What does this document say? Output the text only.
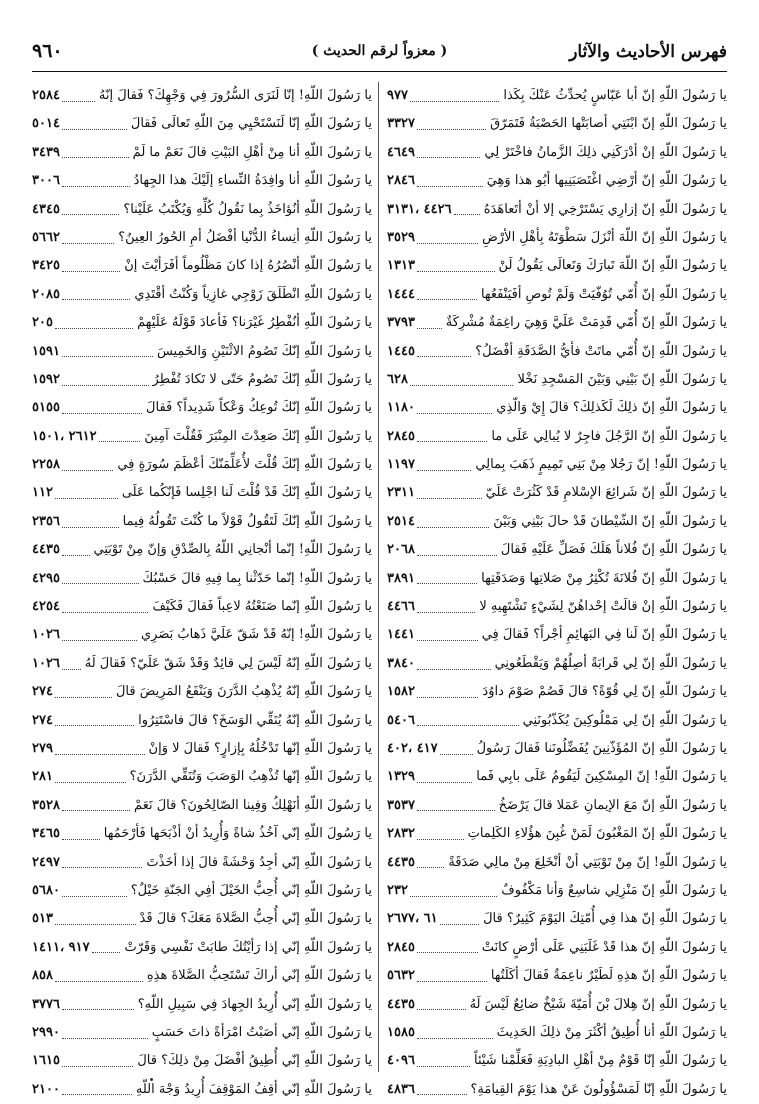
فهرس الأحاديث والآثار
( معزواً لرقم الحديث )
٩٦٠
يا رَسُولَ اللّهِ إنّ أبا عَبّاسٍ يُحدِّثُ عَنْكَ بِكَذا
٩٧٧
يا رَسُولَ اللّهِ إنّ ابْنَتِي أصابَتْها الحَصْبَةُ فَتَمَرّقَ
٣٣٢٧
يا رَسُولَ اللّهِ إنْ أدْرَكَنِي ذلِكَ الزَّمانُ فاخْتَرْ لِي
٤٦٤٩
يا رَسُولَ اللّهِ إنّ أرْضِي اغْتَصَبَنِيها أبُو هذا وَهِيَ
٢٨٤٦
يا رَسُولَ اللّهِ إنّ إزارِي يَسْتَرْخِي إلا أنْ أتَعاهَدَهُ
٤٤٢٦ ،٣١٣١
يا رَسُولَ اللّهِ إنّ اللّهَ أنْزَلَ سَطْوَتَهُ بِأهْلِ الأرْضِ
٣٥٢٩
يا رَسُولَ اللّهِ إنّ اللّهَ تَبارَكَ وَتَعالَى يَقُولُ لَنْ
١٣١٣
يا رَسُولَ اللّهِ إنّ أُمّي تُوُفّيَتْ وَلَمْ تُوصِ أفَيَنْفَعُها
١٤٤٤
يا رَسُولَ اللّهِ إنّ أُمّي قَدِمَتْ عَلَيَّ وَهِيَ راغِمَةٌ مُشْرِكَةٌ
٣٧٩٣
يا رَسُولَ اللّهِ إنّ أُمّي ماتَتْ فأيُّ الصَّدَقَةِ أفْضَلُ؟
١٤٤٥
يا رَسُولَ اللّهِ إنّ بَيْنِي وَبَيْنَ المَسْجِدِ نَخْلا
٦٢٨
يا رَسُولَ اللّهِ إنّ ذلِكَ لَكَذلِكَ؟ قالَ إِيْ وَالّذِي
١١٨٠
يا رَسُولَ اللّهِ إنّ الرَّجُلَ فاجِرٌ لا يُبالِي عَلَى ما
٢٨٤٥
يا رَسُولَ اللّهِ! إنّ رَجُلا مِنْ بَنِي تَمِيمٍ ذَهَبَ بِمالِي
١١٩٧
يا رَسُولَ اللّهِ إنّ شَرائِعَ الإسْلامِ قَدْ كَثُرَتْ عَلَيّ
٢٣١١
يا رَسُولَ اللّهِ إنّ الشّيْطانَ قَدْ حالَ بَيْنِي وَبَيْنَ
٢٥١٤
يا رَسُولَ اللّهِ إنّ فُلاناً هَلَكَ فَصَلِّ عَلَيْهِ فَقالَ
٢٠٦٨
يا رَسُولَ اللّهِ إنّ فُلانَةَ تُكْثِرُ مِنْ صَلاتِها وَصَدَقَتِها
٣٨٩١
يا رَسُولَ اللّهِ إنْ قالَتْ إحْداهُنّ لِشَيْءٍ تَشْتَهِيهِ لا
٤٤٦٦
يا رَسُولَ اللّهِ إنّ لَنا فِي البَهائِمِ أجْراً؟ فَقالَ فِي
١٤٤١
يا رَسُولَ اللّهِ إنّ لِي قَرابَةً أصِلُهُمْ وَيَقْطَعُونِي
٣٨٤٠
يا رَسُولَ اللّهِ إنّ لِي قُوّةً؟ قالَ فَصُمْ صَوْمَ داوُدَ
١٥٨٢
يا رَسُولَ اللّهِ إنّ لِي مَمْلُوكِينَ يُكَذّبُونَنِي
٥٤٠٦
يا رَسُولَ اللّهِ إنّ المُؤَذّنِينَ يُفَضِّلُونَنا فَقالَ رَسُولُ
٤١٧ ،٤٠٢
يا رَسُولَ اللّهِ! إنّ المِسْكِينَ لَيَقُومُ عَلَى بابِي فَما
١٣٢٩
يا رَسُولَ اللّهِ إنّ مَعَ الإيمانِ عَمَلا قالَ يَرْضَخُ
٣٥٣٧
يا رَسُولَ اللّهِ إنّ المَغْبُونَ لَمَنْ غُبِنَ هؤُلاءِ الكَلِماتِ
٢٨٣٢
يا رَسُولَ اللّهِ! إنّ مِنْ تَوْبَتِي أنْ أنْخَلِعَ مِنْ مالِي صَدَقَةً
٤٤٣٥
يا رَسُولَ اللّهِ إنّ مَنْزِلِي شاسِعٌ وَأنا مَكْفُوفٌ
٢٣٢
يا رَسُولَ اللّهِ إنّ هذا فِي أُمّتِكَ اليَوْمَ كَثِيرٌ؟ قالَ
٦١ ،٢٦٧٧
يا رَسُولَ اللّهِ إنّ هذا قَدْ غَلَبَنِي عَلَى أرْضٍ كانَتْ
٢٨٤٥
يا رَسُولَ اللّهِ إنّ هذِهِ لَطَيْرٌ ناعِمَةٌ فَقالَ أكَلَتُها
٥٦٣٢
يا رَسُولَ اللّهِ إنّ هِلالَ بْنَ أُمَيّةَ شَيْخٌ ضائِعٌ لَيْسَ لَهُ
٤٤٣٥
يا رَسُولَ اللّهِ أنا أُطِيقُ أكْثَرَ مِنْ ذلِكَ الحَدِيثَ
١٥٨٥
يا رَسُولَ اللّهِ إنّا قَوْمٌ مِنْ أهْلِ البادِيَةِ فَعَلِّمْنا شَيْئاً
٤٠٩٦
يا رَسُولَ اللّهِ إنّا لَمَسْؤُولُونَ عَنْ هذا يَوْمَ القِيامَةِ؟
٤٨٣٦
يا رَسُولَ اللّهِ! إنّا لَنَرَى السُّرُورَ فِي وَجْهِكَ؟ فَقالَ إنّهُ
٢٥٨٤
يا رَسُولَ اللّهِ إنّا لَنَسْتَحْيِي مِنَ اللّهِ تَعالَى فَقالَ
٥٠١٤
يا رَسُولَ اللّهِ أنا مِنْ أهْلِ البَيْتِ قالَ نَعَمْ ما لَمْ
٣٤٣٩
يا رَسُولَ اللّهِ أنا وافِدَةُ النِّساءِ إلَيْكَ هذا الجِهادُ
٣٠٠٦
يا رَسُولَ اللّهِ أنُؤاخَذُ بِما نَقُولُ كُلِّهِ وَيُكْتَبُ عَلَيْنا؟
٤٣٤٥
يا رَسُولَ اللّهِ أنِساءُ الدُّنْيا أفْضَلُ أمِ الحُورُ العِينُ؟
٥٦٦٢
يا رَسُولَ اللّهِ أنْصُرُهُ إذا كانَ مَظْلُوماً أفَرَأيْتَ إنْ
٣٤٢٥
يا رَسُولَ اللّهِ انْطَلَقَ زَوْجِي غازِياً وَكُنْتُ أقْتَدِي
٢٠٨٥
يا رَسُولَ اللّهِ أنُفْطِرُ غَيْرَنا؟ فَأعادَ قَوْلَهُ عَلَيْهِمْ
٢٠٥
يا رَسُولَ اللّهِ إنّكَ تَصُومُ الاثْنَيْنِ وَالخَمِيسَ
١٥٩١
يا رَسُولَ اللّهِ إنّكَ تَصُومُ حَتّى لا تَكادَ تُفْطِرُ
١٥٩٢
يا رَسُولَ اللّهِ إنّكَ تُوعِكُ وَعْكاً شَدِيداً؟ فَقالَ
٥١٥٥
يا رَسُولَ اللّهِ إنّكَ صَعِدْتَ المِنْبَرَ فَقُلْتَ آمِينَ
٢٦١٢ ،١٥٠١
يا رَسُولَ اللّهِ إنّكَ قُلْتَ لأُعَلِّمَنّكَ أعْظَمَ سُورَةٍ فِي
٢٢٥٨
يا رَسُولَ اللّهِ إنّكَ قَدْ قُلْتَ لَنا اجْلِسا فَإنّكُما عَلَى
١١٢
يا رَسُولَ اللّهِ إنّكَ لَتَقُولُ قَوْلاً ما كُنْتَ تَقُولُهُ فِيما
٢٣٥٦
يا رَسُولَ اللّهِ! إنّما أنْجانِي اللّهُ بِالصِّدْقِ وَإنّ مِنْ تَوْبَتِي
٤٤٣٥
يا رَسُولَ اللّهِ! إنّما حَدّثْنا بِما فِيهِ قالَ حَسْبُكَ
٤٢٩٥
يا رَسُولَ اللّهِ إنّما صَنَعْتُهُ لاعِباً فَقالَ فَكَيْفَ
٤٢٥٤
يا رَسُولَ اللّهِ! إنّهُ قَدْ شَقّ عَلَيَّ ذَهابُ بَصَرِي
١٠٢٦
يا رَسُولَ اللّهِ إنّهُ لَيْسَ لِي قائِدٌ وَقَدْ شَقّ عَلَيّ؟ فَقالَ لَهُ
١٠٢٦
يا رَسُولَ اللّهِ إنّهُ يُذْهِبُ الدَّرَنَ وَيَنْفَعُ المَرِيضَ قالَ
٢٧٤
يا رَسُولَ اللّهِ إنّهُ يُنَقِّي الوَسَخَ؟ قالَ فاسْتَتِرُوا
٢٧٤
يا رَسُولَ اللّهِ إنّها تَدْخُلُهُ بِإزارٍ؟ فَقالَ لا وَإنْ
٢٧٩
يا رَسُولَ اللّهِ إنّها تُذْهِبُ الوَصَبَ وَتُنَقِّي الدَّرَنَ؟
٢٨١
يا رَسُولَ اللّهِ أنَهْلِكُ وَفِينا الصّالِحُونَ؟ قالَ نَعَمْ
٣٥٢٨
يا رَسُولَ اللّهِ إنّي آخُذُ شاةً وَأُرِيدُ أنْ أذْبَحَها فَأرْحَمُها
٣٤٦٥
يا رَسُولَ اللّهِ إنّي أجِدُ وَحْشَةً قالَ إذا أخَذْتَ
٢٤٩٧
يا رَسُولَ اللّهِ إنّي أُحِبُّ الخَيْلَ أفِي الجَنّةِ خَيْلٌ؟
٥٦٨٠
يا رَسُولَ اللّهِ إنّي أُحِبُّ الصَّلاةَ مَعَكَ؟ قالَ قَدْ
٥١٣
يا رَسُولَ اللّهِ إنّي إذا رَأيْتُكَ طابَتْ نَفْسِي وَقَرّتْ
٩١٧ ،١٤١١
يا رَسُولَ اللّهِ إنّي أراكَ تَسْتَحِبُّ الصَّلاةَ هذِهِ
٨٥٨
يا رَسُولَ اللّهِ إنّي أُرِيدُ الجِهادَ فِي سَبِيلِ اللّهِ؟
٣٧٧٦
يا رَسُولَ اللّهِ إنّي أصَبْتُ امْرَأةً ذاتَ حَسَبٍ
٢٩٩٠
يا رَسُولَ اللّهِ إنّي أُطِيقُ أفْضَلَ مِنْ ذلِكَ؟ قالَ
١٦١٥
يا رَسُولَ اللّهِ إنّي أقِفُ المَوْقِفَ أُرِيدُ وَجْهَ اللّهِ
٢١٠٠
